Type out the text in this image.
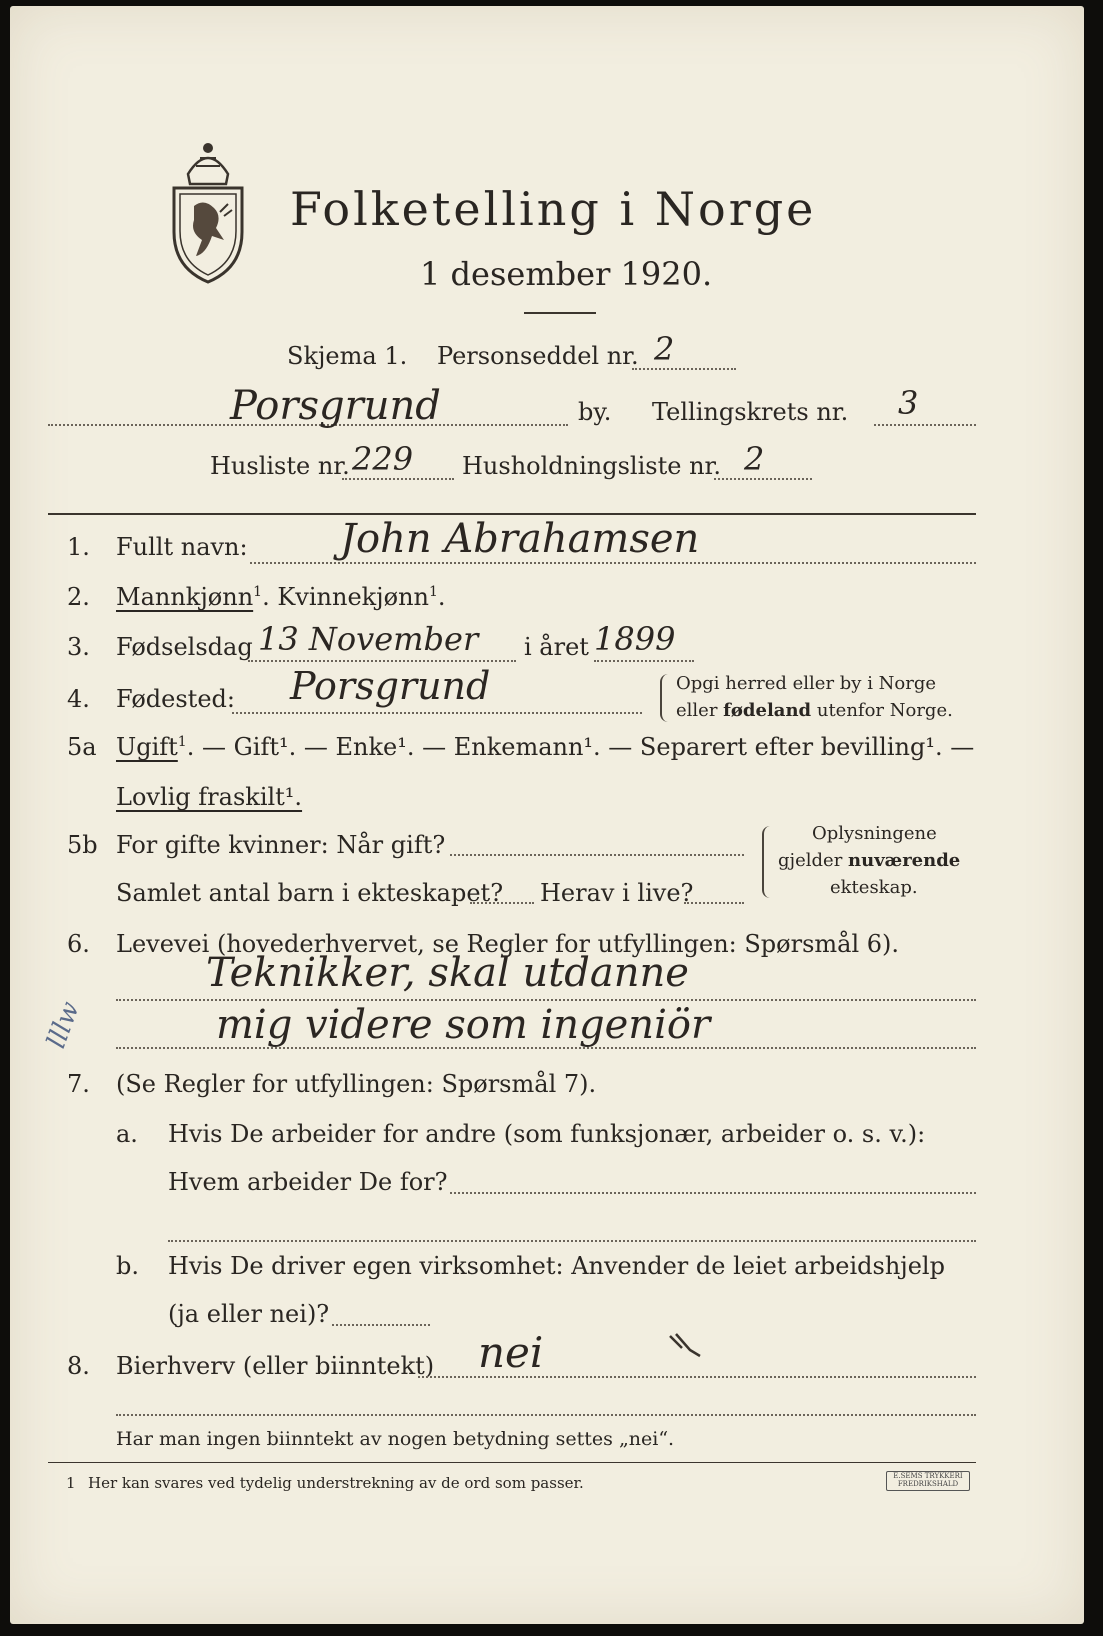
Folketelling i Norge
1 desember 1920.
Skjema 1. Personseddel nr. 2
Porsgrund	by. Tellingskrets nr. 3
Husliste nr. 229 Husholdningsliste nr. 2
1. Fullt navn: John Abrahamsen
2. Mannkjønn$^1$. Kvinnekjønn$^1$.
3. Fødselsdag 13 November i året 1899
4. Fødested: Porsgrund	Opgi herred eller by i Norge
eller fødeland utenfor Norge.
5a Ugift$^1$. — Gift¹. — Enke¹. — Enkemann¹. — Separert efter bevilling¹. —
Lovlig fraskilt¹.
5b For gifte kvinner: Når gift?
Samlet antal barn i ekteskapet? Herav i live?
Oplysningene
gjelder nuværende
ekteskap.
6. Levevei (hovederhvervet, se Regler for utfyllingen: Spørsmål 6).
Teknikker, skal utdanne
mig videre som ingeniör
lllw
7. (Se Regler for utfyllingen: Spørsmål 7).
a. Hvis De arbeider for andre (som funksjonær, arbeider o. s. v.):
Hvem arbeider De for?
b. Hvis De driver egen virksomhet: Anvender de leiet arbeidshjelp
(ja eller nei)?
8. Bierhverv (eller biinntekt) nei
Har man ingen biinntekt av nogen betydning settes „nei“.
1 Her kan svares ved tydelig understrekning av de ord som passer.	E.SEMS TRYKKERI
FREDRIKSHALD
